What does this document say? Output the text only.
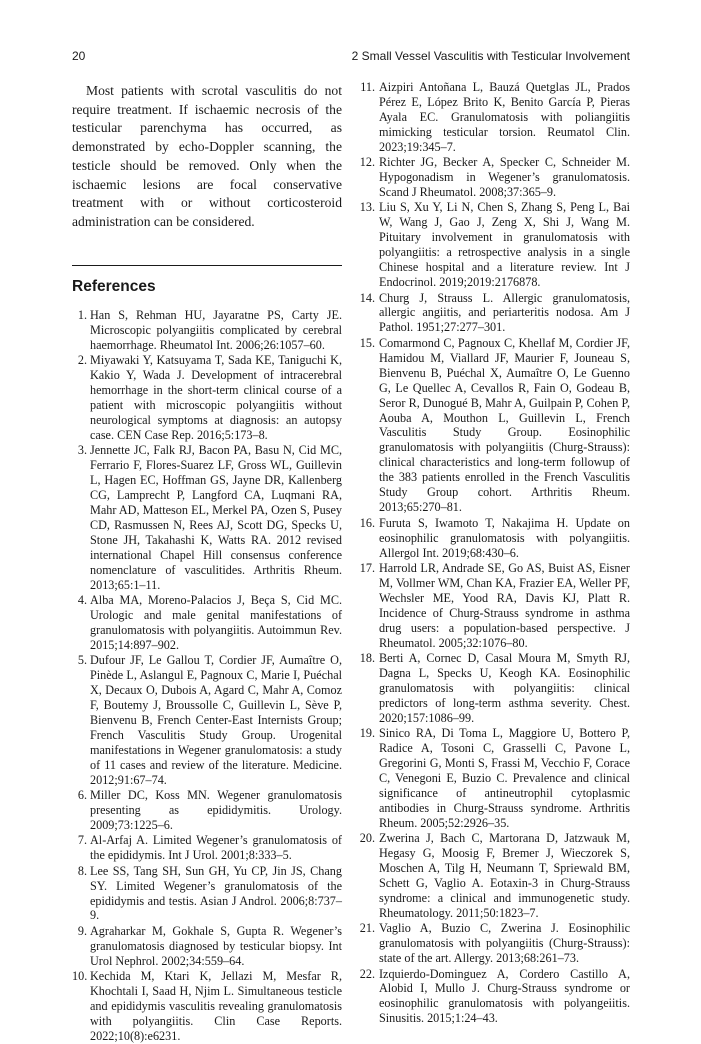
20	2 Small Vessel Vasculitis with Testicular Involvement

Most patients with scrotal vasculitis do not require treatment. If ischaemic necrosis of the testicular parenchyma has occurred, as demonstrated by echo-Doppler scanning, the testicle should be removed. Only when the ischaemic lesions are focal conservative treatment with or without corticosteroid administration can be considered.

References
1. Han S, Rehman HU, Jayaratne PS, Carty JE. Microscopic polyangiitis complicated by cerebral haemorrhage. Rheumatol Int. 2006;26:1057–60.
2. Miyawaki Y, Katsuyama T, Sada KE, Taniguchi K, Kakio Y, Wada J. Development of intracerebral hemorrhage in the short-term clinical course of a patient with microscopic polyangiitis without neurological symptoms at diagnosis: an autopsy case. CEN Case Rep. 2016;5:173–8.
3. Jennette JC, Falk RJ, Bacon PA, Basu N, Cid MC, Ferrario F, Flores-Suarez LF, Gross WL, Guillevin L, Hagen EC, Hoffman GS, Jayne DR, Kallenberg CG, Lamprecht P, Langford CA, Luqmani RA, Mahr AD, Matteson EL, Merkel PA, Ozen S, Pusey CD, Rasmussen N, Rees AJ, Scott DG, Specks U, Stone JH, Takahashi K, Watts RA. 2012 revised international Chapel Hill consensus conference nomenclature of vasculitides. Arthritis Rheum. 2013;65:1–11.
4. Alba MA, Moreno-Palacios J, Beça S, Cid MC. Urologic and male genital manifestations of granulomatosis with polyangiitis. Autoimmun Rev. 2015;14:897–902.
5. Dufour JF, Le Gallou T, Cordier JF, Aumaître O, Pinède L, Aslangul E, Pagnoux C, Marie I, Puéchal X, Decaux O, Dubois A, Agard C, Mahr A, Comoz F, Boutemy J, Broussolle C, Guillevin L, Sève P, Bienvenu B, French Center-East Internists Group; French Vasculitis Study Group. Urogenital manifestations in Wegener granulomatosis: a study of 11 cases and review of the literature. Medicine. 2012;91:67–74.
6. Miller DC, Koss MN. Wegener granulomatosis presenting as epididymitis. Urology. 2009;73:1225–6.
7. Al-Arfaj A. Limited Wegener’s granulomatosis of the epididymis. Int J Urol. 2001;8:333–5.
8. Lee SS, Tang SH, Sun GH, Yu CP, Jin JS, Chang SY. Limited Wegener’s granulomatosis of the epididymis and testis. Asian J Androl. 2006;8:737–9.
9. Agraharkar M, Gokhale S, Gupta R. Wegener’s granulomatosis diagnosed by testicular biopsy. Int Urol Nephrol. 2002;34:559–64.
10. Kechida M, Ktari K, Jellazi M, Mesfar R, Khochtali I, Saad H, Njim L. Simultaneous testicle and epididymis vasculitis revealing granulomatosis with polyangiitis. Clin Case Reports. 2022;10(8):e6231.
11. Aizpiri Antoñana L, Bauzá Quetglas JL, Prados Pérez E, López Brito K, Benito García P, Pieras Ayala EC. Granulomatosis with poliangiitis mimicking testicular torsion. Reumatol Clin. 2023;19:345–7.
12. Richter JG, Becker A, Specker C, Schneider M. Hypogonadism in Wegener’s granulomatosis. Scand J Rheumatol. 2008;37:365–9.
13. Liu S, Xu Y, Li N, Chen S, Zhang S, Peng L, Bai W, Wang J, Gao J, Zeng X, Shi J, Wang M. Pituitary involvement in granulomatosis with polyangiitis: a retrospective analysis in a single Chinese hospital and a literature review. Int J Endocrinol. 2019;2019:2176878.
14. Churg J, Strauss L. Allergic granulomatosis, allergic angiitis, and periarteritis nodosa. Am J Pathol. 1951;27:277–301.
15. Comarmond C, Pagnoux C, Khellaf M, Cordier JF, Hamidou M, Viallard JF, Maurier F, Jouneau S, Bienvenu B, Puéchal X, Aumaître O, Le Guenno G, Le Quellec A, Cevallos R, Fain O, Godeau B, Seror R, Dunogué B, Mahr A, Guilpain P, Cohen P, Aouba A, Mouthon L, Guillevin L, French Vasculitis Study Group. Eosinophilic granulomatosis with polyangiitis (Churg-Strauss): clinical characteristics and long-term followup of the 383 patients enrolled in the French Vasculitis Study Group cohort. Arthritis Rheum. 2013;65:270–81.
16. Furuta S, Iwamoto T, Nakajima H. Update on eosinophilic granulomatosis with polyangiitis. Allergol Int. 2019;68:430–6.
17. Harrold LR, Andrade SE, Go AS, Buist AS, Eisner M, Vollmer WM, Chan KA, Frazier EA, Weller PF, Wechsler ME, Yood RA, Davis KJ, Platt R. Incidence of Churg-Strauss syndrome in asthma drug users: a population-based perspective. J Rheumatol. 2005;32:1076–80.
18. Berti A, Cornec D, Casal Moura M, Smyth RJ, Dagna L, Specks U, Keogh KA. Eosinophilic granulomatosis with polyangiitis: clinical predictors of long-term asthma severity. Chest. 2020;157:1086–99.
19. Sinico RA, Di Toma L, Maggiore U, Bottero P, Radice A, Tosoni C, Grasselli C, Pavone L, Gregorini G, Monti S, Frassi M, Vecchio F, Corace C, Venegoni E, Buzio C. Prevalence and clinical significance of antineutrophil cytoplasmic antibodies in Churg-Strauss syndrome. Arthritis Rheum. 2005;52:2926–35.
20. Zwerina J, Bach C, Martorana D, Jatzwauk M, Hegasy G, Moosig F, Bremer J, Wieczorek S, Moschen A, Tilg H, Neumann T, Spriewald BM, Schett G, Vaglio A. Eotaxin-3 in Churg-Strauss syndrome: a clinical and immunogenetic study. Rheumatology. 2011;50:1823–7.
21. Vaglio A, Buzio C, Zwerina J. Eosinophilic granulomatosis with polyangiitis (Churg-Strauss): state of the art. Allergy. 2013;68:261–73.
22. Izquierdo-Dominguez A, Cordero Castillo A, Alobid I, Mullo J. Churg-Strauss syndrome or eosinophilic granulomatosis with polyangeiitis. Sinusitis. 2015;1:24–43.
